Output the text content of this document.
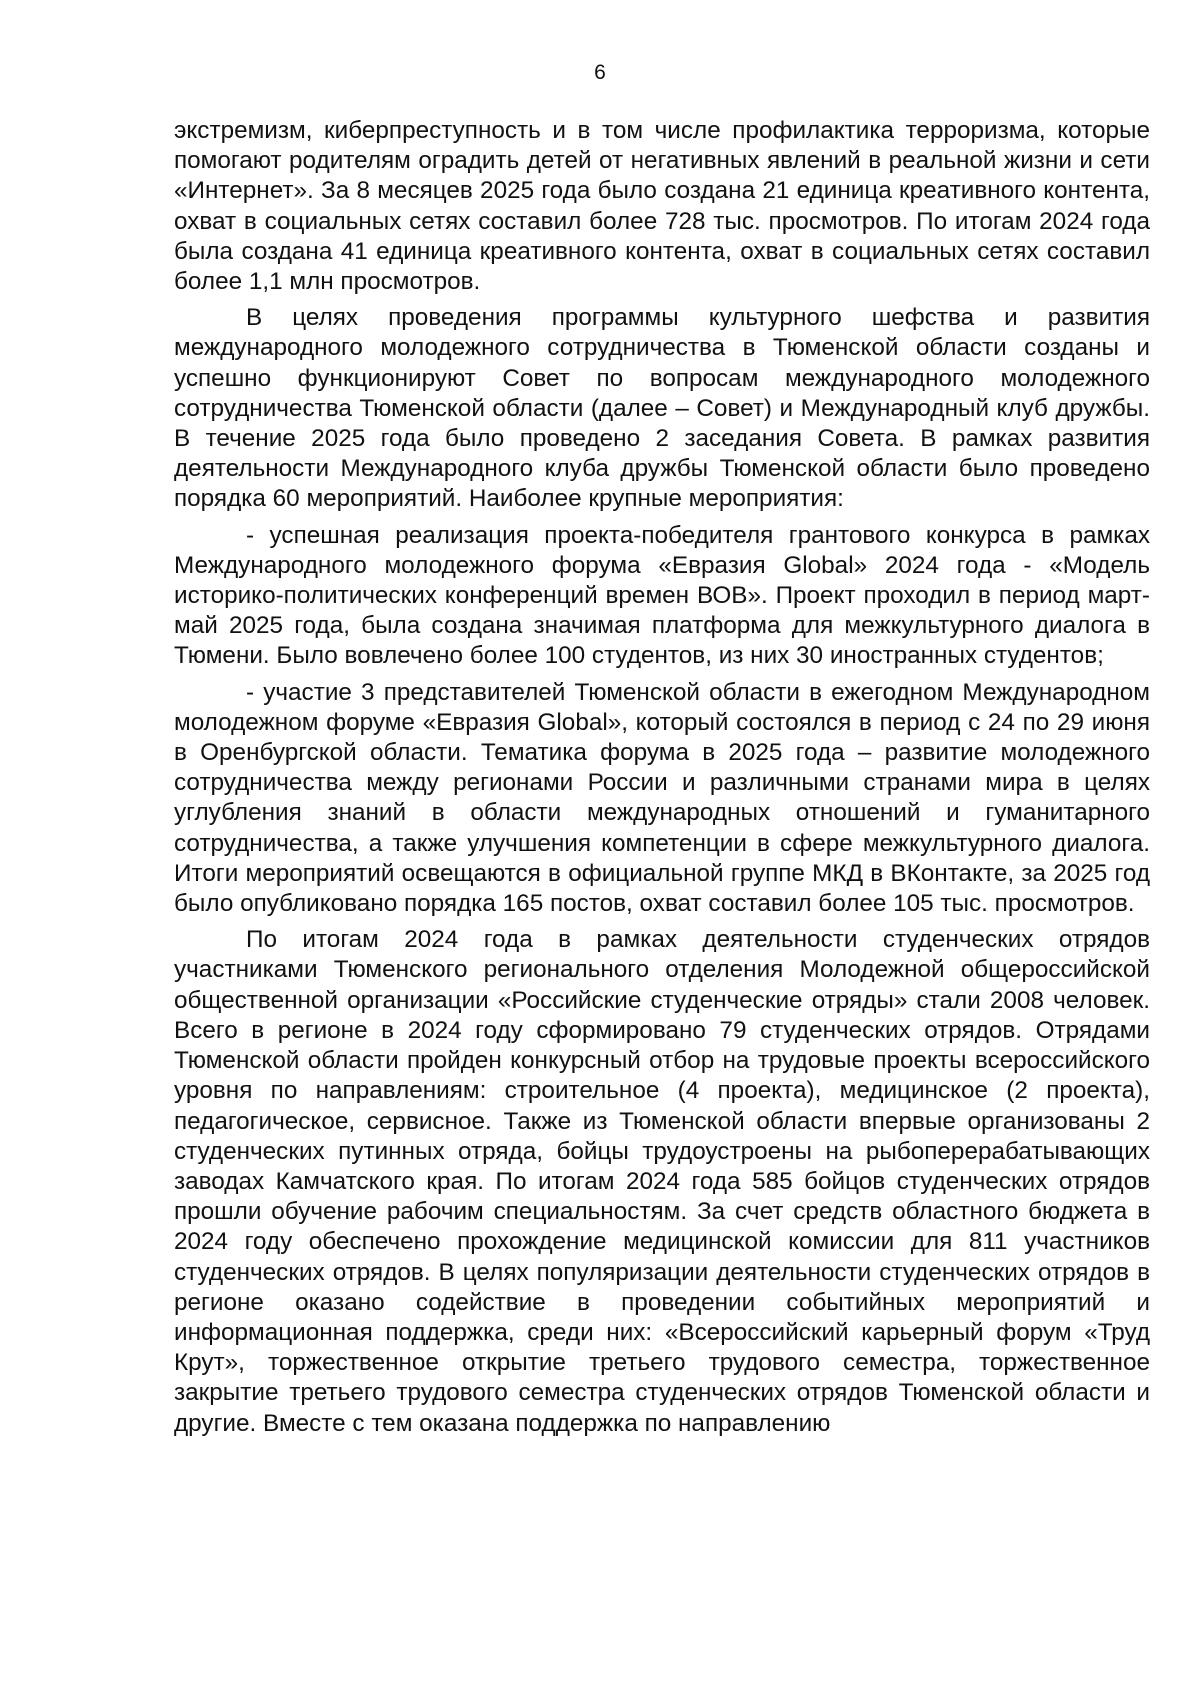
6

экстремизм, киберпреступность и в том числе профилактика терроризма, которые помогают родителям оградить детей от негативных явлений в реальной жизни и сети «Интернет». За 8 месяцев 2025 года было создана 21 единица креативного контента, охват в социальных сетях составил более 728 тыс. просмотров. По итогам 2024 года была создана 41 единица креативного контента, охват в социальных сетях составил более 1,1 млн просмотров.

В целях проведения программы культурного шефства и развития международного молодежного сотрудничества в Тюменской области созданы и успешно функционируют Совет по вопросам международного молодежного сотрудничества Тюменской области (далее – Совет) и Международный клуб дружбы. В течение 2025 года было проведено 2 заседания Совета. В рамках развития деятельности Международного клуба дружбы Тюменской области было проведено порядка 60 мероприятий. Наиболее крупные мероприятия:

- успешная реализация проекта-победителя грантового конкурса в рамках Международного молодежного форума «Евразия Global» 2024 года - «Модель историко-политических конференций времен ВОВ». Проект проходил в период март-май 2025 года, была создана значимая платформа для межкультурного диалога в Тюмени. Было вовлечено более 100 студентов, из них 30 иностранных студентов;

- участие 3 представителей Тюменской области в ежегодном Международном молодежном форуме «Евразия Global», который состоялся в период с 24 по 29 июня в Оренбургской области. Тематика форума в 2025 года – развитие молодежного сотрудничества между регионами России и различными странами мира в целях углубления знаний в области международных отношений и гуманитарного сотрудничества, а также улучшения компетенции в сфере межкультурного диалога. Итоги мероприятий освещаются в официальной группе МКД в ВКонтакте, за 2025 год было опубликовано порядка 165 постов, охват составил более 105 тыс. просмотров.

По итогам 2024 года в рамках деятельности студенческих отрядов участниками Тюменского регионального отделения Молодежной общероссийской общественной организации «Российские студенческие отряды» стали 2008 человек. Всего в регионе в 2024 году сформировано 79 студенческих отрядов. Отрядами Тюменской области пройден конкурсный отбор на трудовые проекты всероссийского уровня по направлениям: строительное (4 проекта), медицинское (2 проекта), педагогическое, сервисное. Также из Тюменской области впервые организованы 2 студенческих путинных отряда, бойцы трудоустроены на рыбоперерабатывающих заводах Камчатского края. По итогам 2024 года 585 бойцов студенческих отрядов прошли обучение рабочим специальностям. За счет средств областного бюджета в 2024 году обеспечено прохождение медицинской комиссии для 811 участников студенческих отрядов. В целях популяризации деятельности студенческих отрядов в регионе оказано содействие в проведении событийных мероприятий и информационная поддержка, среди них: «Всероссийский карьерный форум «Труд Крут», торжественное открытие третьего трудового семестра, торжественное закрытие третьего трудового семестра студенческих отрядов Тюменской области и другие. Вместе с тем оказана поддержка по направлению
